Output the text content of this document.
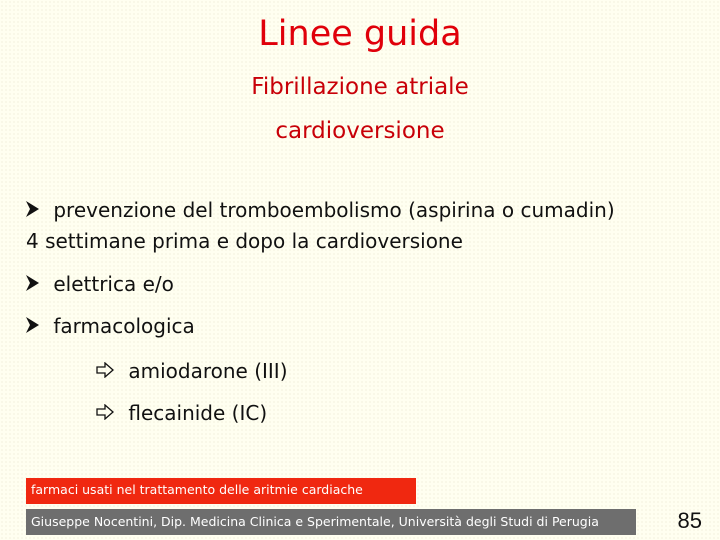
Linee guida
Fibrillazione atriale
cardioversione
prevenzione del tromboembolismo (aspirina o cumadin)
4 settimane prima e dopo la cardioversione
elettrica e/o
farmacologica
amiodarone (III)
flecainide (IC)
farmaci usati nel trattamento delle aritmie cardiache
Giuseppe Nocentini, Dip. Medicina Clinica e Sperimentale, Università degli Studi di Perugia	85
